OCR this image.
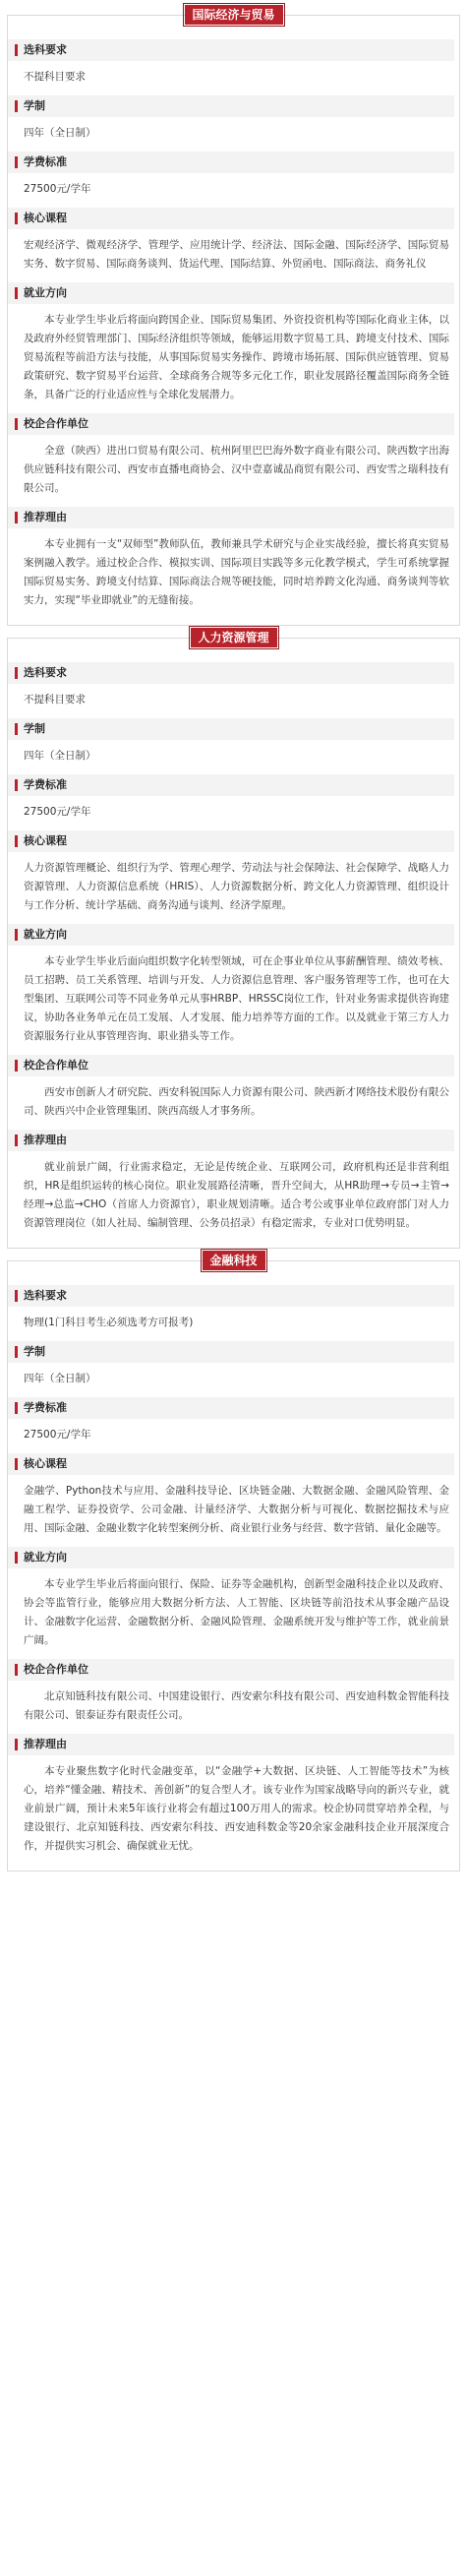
国际经济与贸易
选科要求
不提科目要求
学制
四年（全日制）
学费标准
27500元/学年
核心课程
宏观经济学、微观经济学、管理学、应用统计学、经济法、国际金融、国际经济学、国际贸易实务、数字贸易、国际商务谈判、货运代理、国际结算、外贸函电、国际商法、商务礼仪
就业方向
本专业学生毕业后将面向跨国企业、国际贸易集团、外资投资机构等国际化商业主体，以及政府外经贸管理部门、国际经济组织等领域，能够运用数字贸易工具、跨境支付技术、国际贸易流程等前沿方法与技能，从事国际贸易实务操作、跨境市场拓展、国际供应链管理、贸易政策研究、数字贸易平台运营、全球商务合规等多元化工作，职业发展路径覆盖国际商务全链条，具备广泛的行业适应性与全球化发展潜力。
校企合作单位
全意（陕西）进出口贸易有限公司、杭州阿里巴巴海外数字商业有限公司、陕西数字出海供应链科技有限公司、西安市直播电商协会、汉中壹嘉诚品商贸有限公司、西安雪之瑞科技有限公司。
推荐理由
本专业拥有一支“双师型”教师队伍，教师兼具学术研究与企业实战经验，擅长将真实贸易案例融入教学。通过校企合作、模拟实训、国际项目实践等多元化教学模式，学生可系统掌握国际贸易实务、跨境支付结算、国际商法合规等硬技能，同时培养跨文化沟通、商务谈判等软实力，实现“毕业即就业”的无缝衔接。
人力资源管理
选科要求
不提科目要求
学制
四年（全日制）
学费标准
27500元/学年
核心课程
人力资源管理概论、组织行为学、管理心理学、劳动法与社会保障法、社会保障学、战略人力资源管理、人力资源信息系统（HRIS）、人力资源数据分析、跨文化人力资源管理、组织设计与工作分析、统计学基础、商务沟通与谈判、经济学原理。
就业方向
本专业学生毕业后面向组织数字化转型领域，可在企事业单位从事薪酬管理、绩效考核、员工招聘、员工关系管理、培训与开发、人力资源信息管理、客户服务管理等工作，也可在大型集团、互联网公司等不同业务单元从事HRBP、HRSSC岗位工作，针对业务需求提供咨询建议，协助各业务单元在员工发展、人才发展、能力培养等方面的工作。以及就业于第三方人力资源服务行业从事管理咨询、职业猎头等工作。
校企合作单位
西安市创新人才研究院、西安科锐国际人力资源有限公司、陕西新才网络技术股份有限公司、陕西兴中企业管理集团、陕西高级人才事务所。
推荐理由
就业前景广阔，行业需求稳定，无论是传统企业、互联网公司，政府机构还是非营利组织，HR是组织运转的核心岗位。职业发展路径清晰，晋升空间大，从HR助理→专员→主管→经理→总监→CHO（首席人力资源官），职业规划清晰。适合考公或事业单位政府部门对人力资源管理岗位（如人社局、编制管理、公务员招录）有稳定需求，专业对口优势明显。
金融科技
选科要求
物理(1门科目考生必须选考方可报考)
学制
四年（全日制）
学费标准
27500元/学年
核心课程
金融学、Python技术与应用、金融科技导论、区块链金融、大数据金融、金融风险管理、金融工程学、证券投资学、公司金融、计量经济学、大数据分析与可视化、数据挖掘技术与应用、国际金融、金融业数字化转型案例分析、商业银行业务与经营、数字营销、量化金融等。
就业方向
本专业学生毕业后将面向银行、保险、证券等金融机构，创新型金融科技企业以及政府、协会等监管行业，能够应用大数据分析方法、人工智能、区块链等前沿技术从事金融产品设计、金融数字化运营、金融数据分析、金融风险管理、金融系统开发与维护等工作，就业前景广阔。
校企合作单位
北京知链科技有限公司、中国建设银行、西安索尔科技有限公司、西安迪科数金智能科技有限公司、银泰证券有限责任公司。
推荐理由
本专业聚焦数字化时代金融变革，以“金融学+大数据、区块链、人工智能等技术”为核心，培养“懂金融、精技术、善创新”的复合型人才。该专业作为国家战略导向的新兴专业，就业前景广阔，预计未来5年该行业将会有超过100万用人的需求。校企协同贯穿培养全程，与建设银行、北京知链科技、西安索尔科技、西安迪科数金等20余家金融科技企业开展深度合作，并提供实习机会、确保就业无忧。
